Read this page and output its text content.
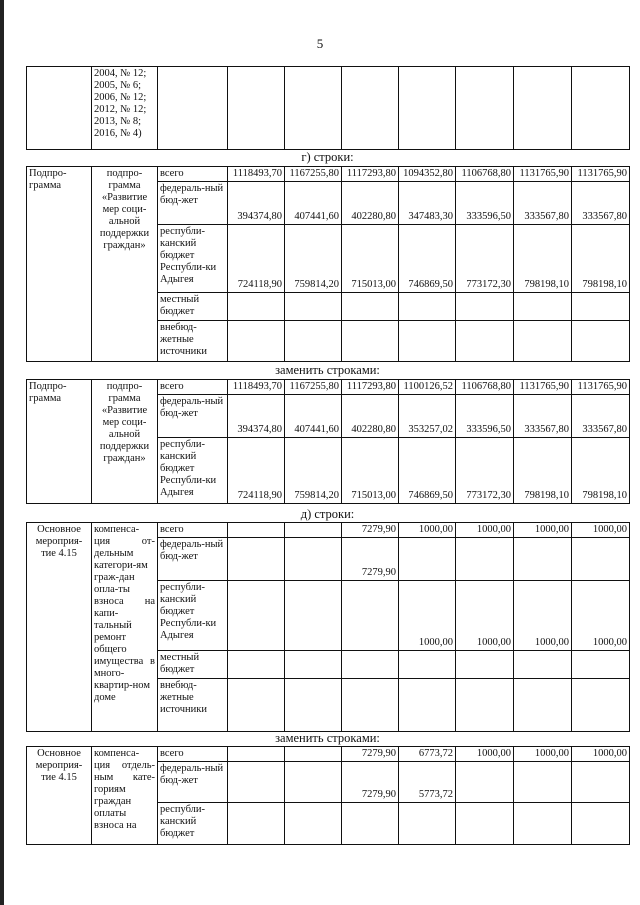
5

2004, № 12;
2005, № 6;
2006, № 12;
2012, № 12;
2013, № 8;
2016, № 4)

г) строки:
Подпро-грамма	подпро-грамма «Развитие мер соци-альной поддержки граждан»	всего	1118493,70	1167255,80	1117293,80	1094352,80	1106768,80	1131765,90	1131765,90
		федераль-ный бюд-жет	394374,80	407441,60	402280,80	347483,30	333596,50	333567,80	333567,80
		республи-канский бюджет Республи-ки Адыгея	724118,90	759814,20	715013,00	746869,50	773172,30	798198,10	798198,10
		местный бюджет							
		внебюд-жетные источники							
заменить строками:
Подпро-грамма	подпро-грамма «Развитие мер соци-альной поддержки граждан»	всего	1118493,70	1167255,80	1117293,80	1100126,52	1106768,80	1131765,90	1131765,90
		федераль-ный бюд-жет	394374,80	407441,60	402280,80	353257,02	333596,50	333567,80	333567,80
		республи-канский бюджет Республи-ки Адыгея	724118,90	759814,20	715013,00	746869,50	773172,30	798198,10	798198,10
д) строки:
Основное мероприя-тие 4.15	компенса-ция от-дельным категори-ям граж-дан опла-ты взноса на капи-тальный ремонт общего имущества в много-квартир-ном доме	всего			7279,90	1000,00	1000,00	1000,00	1000,00
		федераль-ный бюд-жет			7279,90				
		республи-канский бюджет Республи-ки Адыгея				1000,00	1000,00	1000,00	1000,00
		местный бюджет							
		внебюд-жетные источники							
заменить строками:
Основное мероприя-тие 4.15	компенса-ция отдель-ным кате-гориям граждан оплаты взноса на	всего			7279,90	6773,72	1000,00	1000,00	1000,00
		федераль-ный бюд-жет			7279,90	5773,72			
		республи-канский бюджет							
